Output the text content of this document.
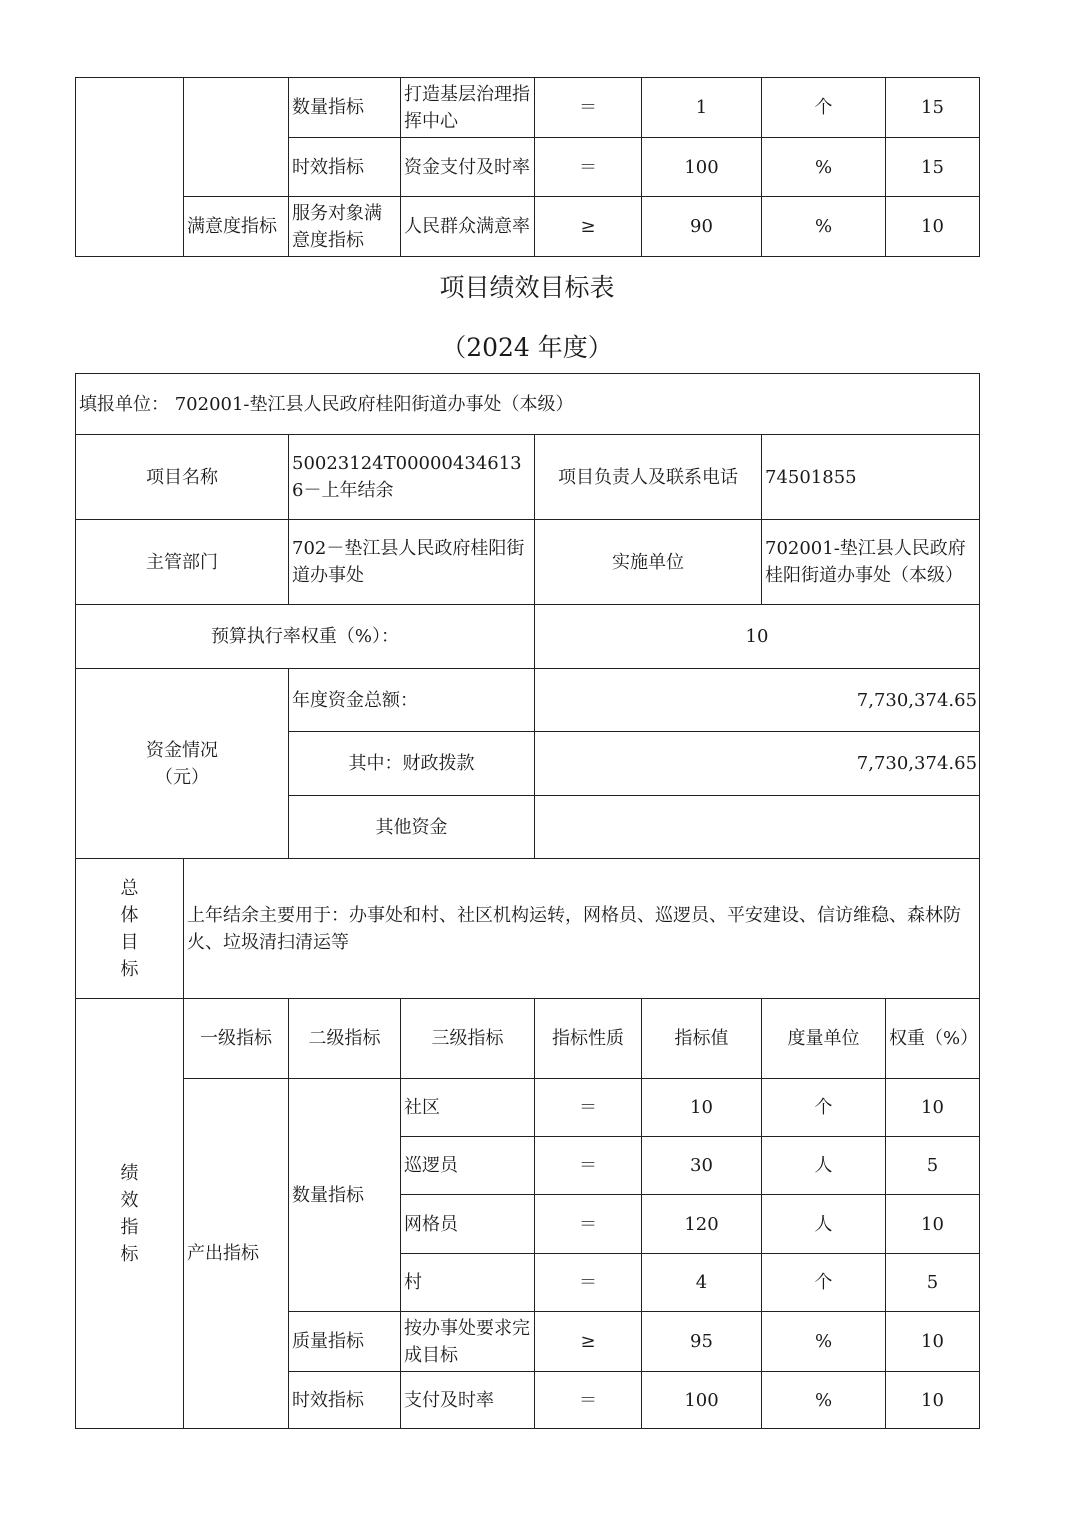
		数量指标	打造基层治理指挥中心	＝	1	个	15
		时效指标	资金支付及时率	＝	100	%	15
	满意度指标	服务对象满意度指标	人民群众满意率	≥	90	%	10
项目绩效目标表
（2024 年度）
填报单位： 702001-垫江县人民政府桂阳街道办事处（本级）							
项目名称		50023124T000004346136－上年结余		项目负责人及联系电话		74501855	
主管部门		702－垫江县人民政府桂阳街道办事处		实施单位		702001-垫江县人民政府桂阳街道办事处（本级）	
预算执行率权重（%）：				10			
资金情况
（元）		年度资金总额：		7,730,374.65			
		其中：财政拨款		7,730,374.65			
		其他资金					

总
体
目
标	上年结余主要用于：办事处和村、社区机构运转，网格员、巡逻员、平安建设、信访维稳、森林防火、垃圾清扫清运等						

绩
效
指
标	一级指标	二级指标	三级指标	指标性质	指标值	度量单位	权重（%）
	产出指标	数量指标	社区	＝	10	个	10
			巡逻员	＝	30	人	5
			网格员	＝	120	人	10
			村	＝	4	个	5
		质量指标	按办事处要求完成目标	≥	95	%	10
		时效指标	支付及时率	＝	100	%	10
